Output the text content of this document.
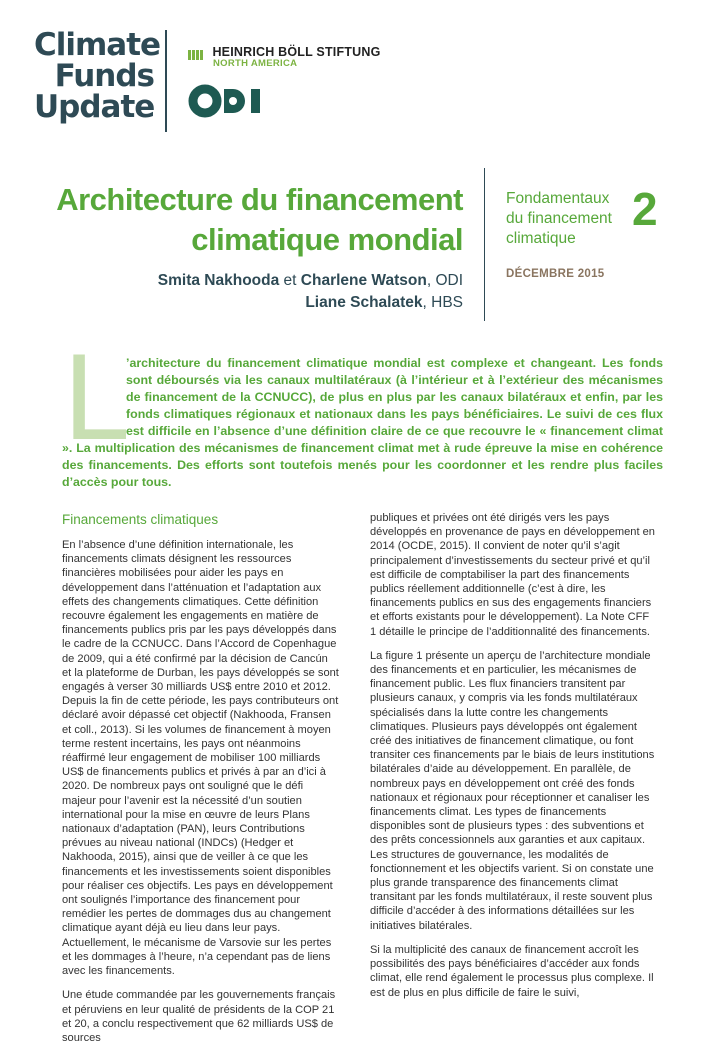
Climate
Funds
Update
HEINRICH BÖLL STIFTUNG
NORTH AMERICA
Architecture du financement
climatique mondial
Smita Nakhooda et Charlene Watson, ODI
Liane Schalatek, HBS
Fondamentaux
du financement
climatique
2
DÉCEMBRE 2015
L ’architecture du financement climatique mondial est complexe et changeant. Les fonds sont déboursés via les canaux multilatéraux (à l’intérieur et à l’extérieur des mécanismes de financement de la CCNUCC), de plus en plus par les canaux bilatéraux et enfin, par les fonds climatiques régionaux et nationaux dans les pays bénéficiaires. Le suivi de ces flux est difficile en l’absence d’une définition claire de ce que recouvre le « financement climat ». La multiplication des mécanismes de financement climat met à rude épreuve la mise en cohérence des financements. Des efforts sont toutefois menés pour les coordonner et les rendre plus faciles d’accès pour tous.
Financements climatiques

En l’absence d’une définition internationale, les financements climats désignent les ressources financières mobilisées pour aider les pays en développement dans l’atténuation et l’adaptation aux effets des changements climatiques. Cette définition recouvre également les engagements en matière de financements publics pris par les pays développés dans le cadre de la CCNUCC. Dans l’Accord de Copenhague de 2009, qui a été confirmé par la décision de Cancún et la plateforme de Durban, les pays développés se sont engagés à verser 30 milliards US$ entre 2010 et 2012. Depuis la fin de cette période, les pays contributeurs ont déclaré avoir dépassé cet objectif (Nakhooda, Fransen et coll., 2013). Si les volumes de financement à moyen terme restent incertains, les pays ont néanmoins réaffirmé leur engagement de mobiliser 100 milliards US$ de financements publics et privés à par an d’ici à 2020. De nombreux pays ont souligné que le défi majeur pour l’avenir est la nécessité d’un soutien international pour la mise en œuvre de leurs Plans nationaux d’adaptation (PAN), leurs Contributions prévues au niveau national (INDCs) (Hedger et Nakhooda, 2015), ainsi que de veiller à ce que les financements et les investissements soient disponibles pour réaliser ces objectifs. Les pays en développement ont soulignés l’importance des financement pour remédier les pertes de dommages dus au changement climatique ayant déjà eu lieu dans leur pays. Actuellement, le mécanisme de Varsovie sur les pertes et les dommages à l’heure, n’a cependant pas de liens avec les financements.

Une étude commandée par les gouvernements français et péruviens en leur qualité de présidents de la COP 21 et 20, a conclu respectivement que 62 milliards US$ de sources

publiques et privées ont été dirigés vers les pays développés en provenance de pays en développement en 2014 (OCDE, 2015). Il convient de noter qu’il s’agit principalement d’investissements du secteur privé et qu’il est difficile de comptabiliser la part des financements publics réellement additionnelle (c’est à dire, les financements publics en sus des engagements financiers et efforts existants pour le développement). La Note CFF 1 détaille le principe de l’additionnalité des financements.

La figure 1 présente un aperçu de l’architecture mondiale des financements et en particulier, les mécanismes de financement public. Les flux financiers transitent par plusieurs canaux, y compris via les fonds multilatéraux spécialisés dans la lutte contre les changements climatiques. Plusieurs pays développés ont également créé des initiatives de financement climatique, ou font transiter ces financements par le biais de leurs institutions bilatérales d’aide au développement. En parallèle, de nombreux pays en développement ont créé des fonds nationaux et régionaux pour réceptionner et canaliser les financements climat. Les types de financements disponibles sont de plusieurs types : des subventions et des prêts concessionnels aux garanties et aux capitaux. Les structures de gouvernance, les modalités de fonctionnement et les objectifs varient. Si on constate une plus grande transparence des financements climat transitant par les fonds multilatéraux, il reste souvent plus difficile d’accéder à des informations détaillées sur les initiatives bilatérales.

Si la multiplicité des canaux de financement accroît les possibilités des pays bénéficiaires d’accéder aux fonds climat, elle rend également le processus plus complexe. Il est de plus en plus difficile de faire le suivi,
